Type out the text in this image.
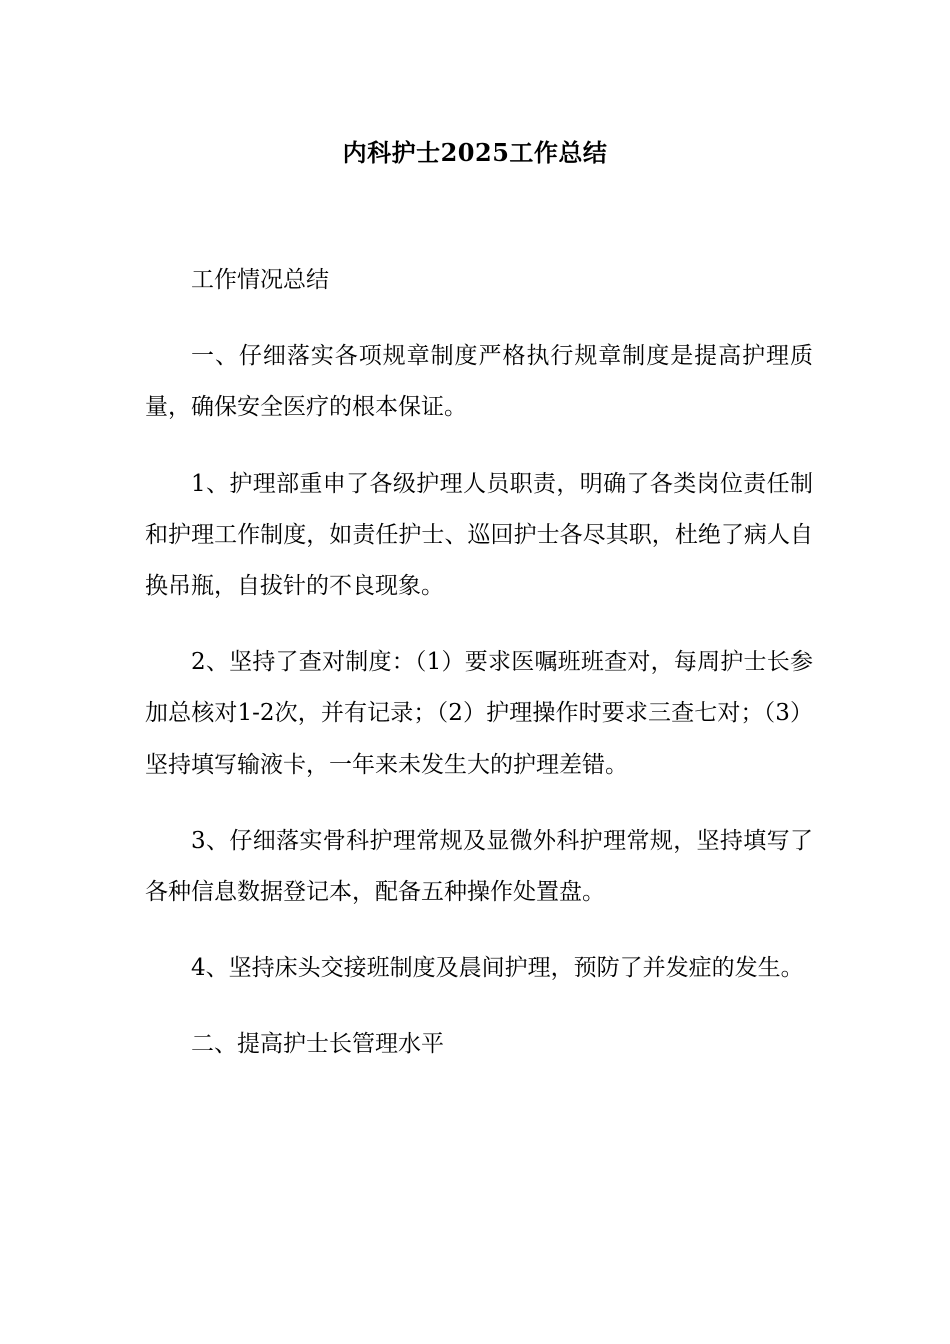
内科护士2025工作总结

工作情况总结

一、仔细落实各项规章制度严格执行规章制度是提高护理质量，确保安全医疗的根本保证。

1、护理部重申了各级护理人员职责，明确了各类岗位责任制和护理工作制度，如责任护士、巡回护士各尽其职，杜绝了病人自换吊瓶，自拔针的不良现象。

2、坚持了查对制度：（1）要求医嘱班班查对，每周护士长参加总核对1-2次，并有记录；（2）护理操作时要求三查七对；（3）坚持填写输液卡，一年来未发生大的护理差错。

3、仔细落实骨科护理常规及显微外科护理常规，坚持填写了各种信息数据登记本，配备五种操作处置盘。

4、坚持床头交接班制度及晨间护理，预防了并发症的发生。

二、提高护士长管理水平
